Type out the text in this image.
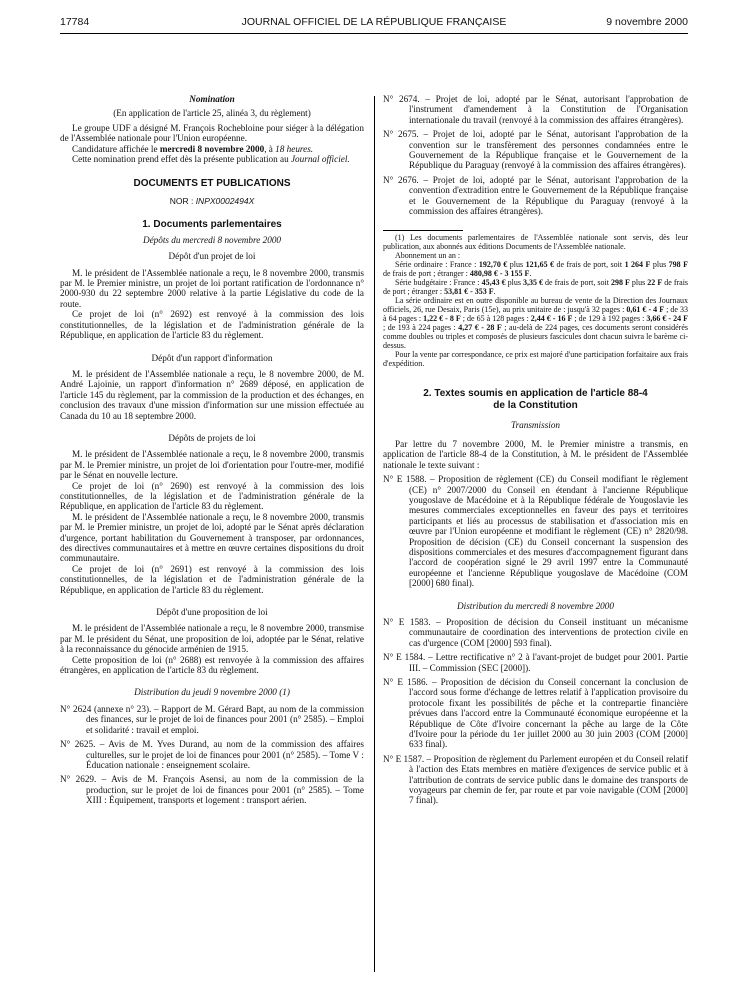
17784	JOURNAL OFFICIEL DE LA RÉPUBLIQUE FRANÇAISE	9 novembre 2000

Nomination

(En application de l'article 25, alinéa 3, du règlement)

Le groupe UDF a désigné M. François Rochebloine pour siéger à la délégation de l'Assemblée nationale pour l'Union européenne.

Candidature affichée le mercredi 8 novembre 2000, à 18 heures.

Cette nomination prend effet dès la présente publication au Journal officiel.

DOCUMENTS ET PUBLICATIONS

NOR : INPX0002494X

1. Documents parlementaires

Dépôts du mercredi 8 novembre 2000

Dépôt d'un projet de loi

M. le président de l'Assemblée nationale a reçu, le 8 novembre 2000, transmis par M. le Premier ministre, un projet de loi portant ratification de l'ordonnance n° 2000-930 du 22 septembre 2000 relative à la partie Législative du code de la route.

Ce projet de loi (n° 2692) est renvoyé à la commission des lois constitutionnelles, de la législation et de l'administration générale de la République, en application de l'article 83 du règlement.

Dépôt d'un rapport d'information

M. le président de l'Assemblée nationale a reçu, le 8 novembre 2000, de M. André Lajoinie, un rapport d'information n° 2689 déposé, en application de l'article 145 du règlement, par la commission de la production et des échanges, en conclusion des travaux d'une mission d'information sur une mission effectuée au Canada du 10 au 18 septembre 2000.

Dépôts de projets de loi

M. le président de l'Assemblée nationale a reçu, le 8 novembre 2000, transmis par M. le Premier ministre, un projet de loi d'orientation pour l'outre-mer, modifié par le Sénat en nouvelle lecture.

Ce projet de loi (n° 2690) est renvoyé à la commission des lois constitutionnelles, de la législation et de l'administration générale de la République, en application de l'article 83 du règlement.

M. le président de l'Assemblée nationale a reçu, le 8 novembre 2000, transmis par M. le Premier ministre, un projet de loi, adopté par le Sénat après déclaration d'urgence, portant habilitation du Gouvernement à transposer, par ordonnances, des directives communautaires et à mettre en œuvre certaines dispositions du droit communautaire.

Ce projet de loi (n° 2691) est renvoyé à la commission des lois constitutionnelles, de la législation et de l'administration générale de la République, en application de l'article 83 du règlement.

Dépôt d'une proposition de loi

M. le président de l'Assemblée nationale a reçu, le 8 novembre 2000, transmise par M. le président du Sénat, une proposition de loi, adoptée par le Sénat, relative à la reconnaissance du génocide arménien de 1915.

Cette proposition de loi (n° 2688) est renvoyée à la commission des affaires étrangères, en application de l'article 83 du règlement.

Distribution du jeudi 9 novembre 2000 (1)

N° 2624 (annexe n° 23). – Rapport de M. Gérard Bapt, au nom de la commission des finances, sur le projet de loi de finances pour 2001 (n° 2585). – Emploi et solidarité : travail et emploi.

N° 2625. – Avis de M. Yves Durand, au nom de la commission des affaires culturelles, sur le projet de loi de finances pour 2001 (n° 2585). – Tome V : Éducation nationale : enseignement scolaire.

N° 2629. – Avis de M. François Asensi, au nom de la commission de la production, sur le projet de loi de finances pour 2001 (n° 2585). – Tome XIII : Équipement, transports et logement : transport aérien.

N° 2674. – Projet de loi, adopté par le Sénat, autorisant l'approbation de l'instrument d'amendement à la Constitution de l'Organisation internationale du travail (renvoyé à la commission des affaires étrangères).

N° 2675. – Projet de loi, adopté par le Sénat, autorisant l'approbation de la convention sur le transfèrement des personnes condamnées entre le Gouvernement de la République française et le Gouvernement de la République du Paraguay (renvoyé à la commission des affaires étrangères).

N° 2676. – Projet de loi, adopté par le Sénat, autorisant l'approbation de la convention d'extradition entre le Gouvernement de la République française et le Gouvernement de la République du Paraguay (renvoyé à la commission des affaires étrangères).

(1) Les documents parlementaires de l'Assemblée nationale sont servis, dès leur publication, aux abonnés aux éditions Documents de l'Assemblée nationale.

Abonnement un an :

Série ordinaire : France : 192,70 € plus 121,65 € de frais de port, soit 1 264 F plus 798 F de frais de port ; étranger : 480,98 € - 3 155 F.

Série budgétaire : France : 45,43 € plus 3,35 € de frais de port, soit 298 F plus 22 F de frais de port ; étranger : 53,81 € - 353 F.

La série ordinaire est en outre disponible au bureau de vente de la Direction des Journaux officiels, 26, rue Desaix, Paris (15e), au prix unitaire de : jusqu'à 32 pages : 0,61 € - 4 F ; de 33 à 64 pages : 1,22 € - 8 F ; de 65 à 128 pages : 2,44 € - 16 F ; de 129 à 192 pages : 3,66 € - 24 F ; de 193 à 224 pages : 4,27 € - 28 F ; au-delà de 224 pages, ces documents seront considérés comme doubles ou triples et composés de plusieurs fascicules dont chacun suivra le barème ci-dessus.

Pour la vente par correspondance, ce prix est majoré d'une participation forfaitaire aux frais d'expédition.

2. Textes soumis en application de l'article 88-4

de la Constitution

Transmission

Par lettre du 7 novembre 2000, M. le Premier ministre a transmis, en application de l'article 88-4 de la Constitution, à M. le président de l'Assemblée nationale le texte suivant :

N° E 1588. – Proposition de règlement (CE) du Conseil modifiant le règlement (CE) n° 2007/2000 du Conseil en étendant à l'ancienne République yougoslave de Macédoine et à la République fédérale de Yougoslavie les mesures commerciales exceptionnelles en faveur des pays et territoires participants et liés au processus de stabilisation et d'association mis en œuvre par l'Union européenne et modifiant le règlement (CE) n° 2820/98. Proposition de décision (CE) du Conseil concernant la suspension des dispositions commerciales et des mesures d'accompagnement figurant dans l'accord de coopération signé le 29 avril 1997 entre la Communauté européenne et l'ancienne République yougoslave de Macédoine (COM [2000] 680 final).

Distribution du mercredi 8 novembre 2000

N° E 1583. – Proposition de décision du Conseil instituant un mécanisme communautaire de coordination des interventions de protection civile en cas d'urgence (COM [2000] 593 final).

N° E 1584. – Lettre rectificative n° 2 à l'avant-projet de budget pour 2001. Partie III. – Commission (SEC [2000]).

N° E 1586. – Proposition de décision du Conseil concernant la conclusion de l'accord sous forme d'échange de lettres relatif à l'application provisoire du protocole fixant les possibilités de pêche et la contrepartie financière prévues dans l'accord entre la Communauté économique européenne et la République de Côte d'Ivoire concernant la pêche au large de la Côte d'Ivoire pour la période du 1er juillet 2000 au 30 juin 2003 (COM [2000] 633 final).

N° E 1587. – Proposition de règlement du Parlement européen et du Conseil relatif à l'action des Etats membres en matière d'exigences de service public et à l'attribution de contrats de service public dans le domaine des transports de voyageurs par chemin de fer, par route et par voie navigable (COM [2000] 7 final).
